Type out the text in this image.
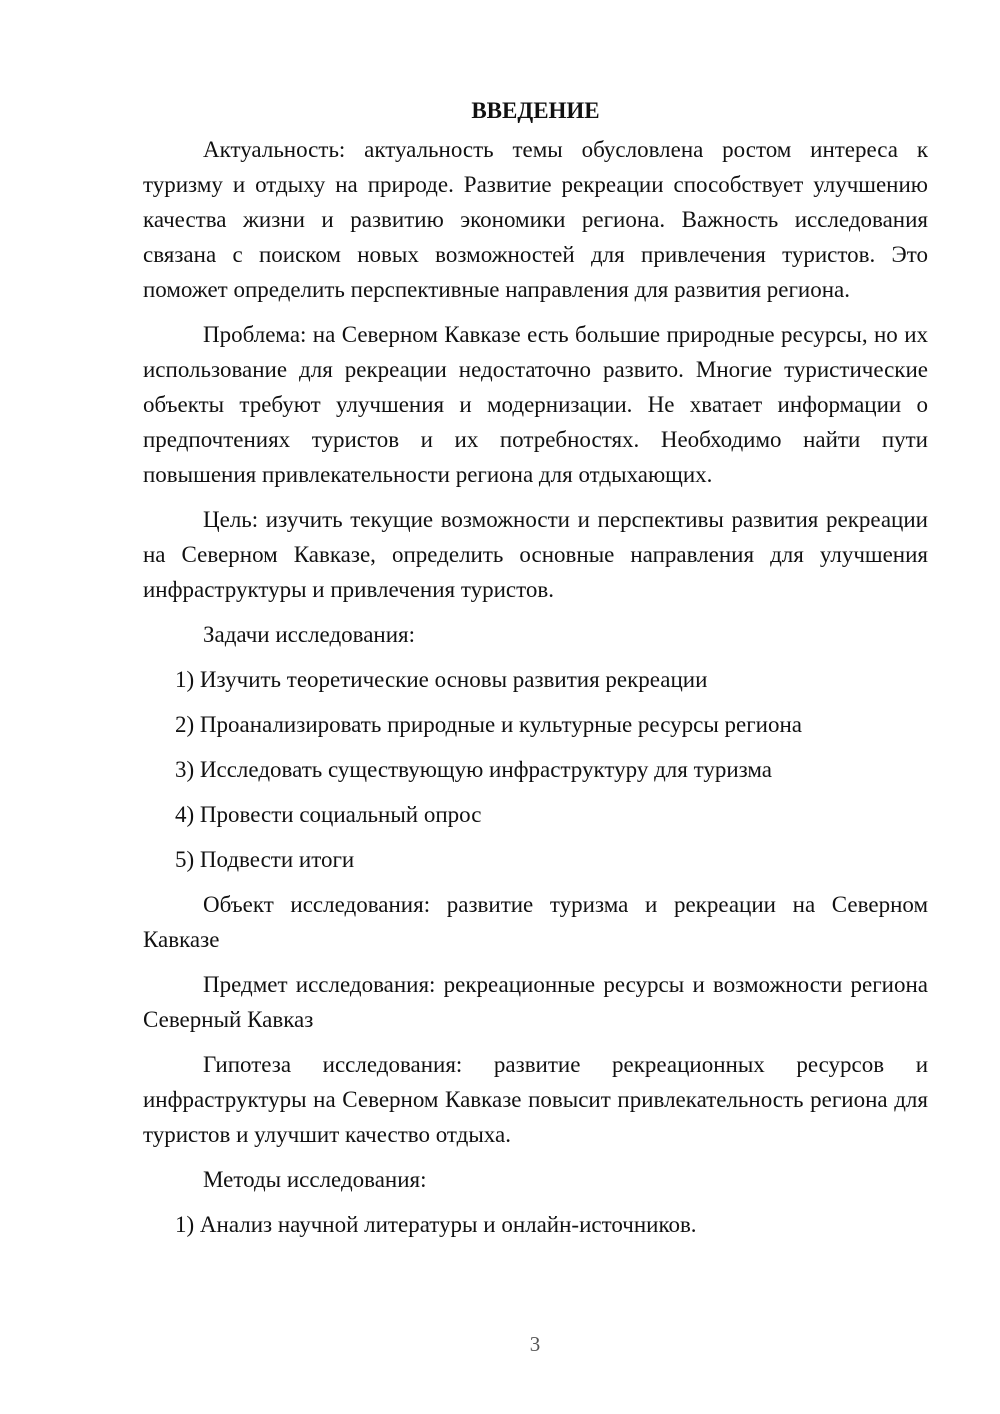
ВВЕДЕНИЕ

Актуальность: актуальность темы обусловлена ростом интереса к туризму и отдыху на природе. Развитие рекреации способствует улучшению качества жизни и развитию экономики региона. Важность исследования связана с поиском новых возможностей для привлечения туристов. Это поможет определить перспективные направления для развития региона.

Проблема: на Северном Кавказе есть большие природные ресурсы, но их использование для рекреации недостаточно развито. Многие туристические объекты требуют улучшения и модернизации. Не хватает информации о предпочтениях туристов и их потребностях. Необходимо найти пути повышения привлекательности региона для отдыхающих.

Цель: изучить текущие возможности и перспективы развития рекреации на Северном Кавказе, определить основные направления для улучшения инфраструктуры и привлечения туристов.

Задачи исследования:

1) Изучить теоретические основы развития рекреации

2) Проанализировать природные и культурные ресурсы региона

3) Исследовать существующую инфраструктуру для туризма

4) Провести социальный опрос

5) Подвести итоги

Объект исследования: развитие туризма и рекреации на Северном Кавказе

Предмет исследования: рекреационные ресурсы и возможности региона Северный Кавказ

Гипотеза исследования: развитие рекреационных ресурсов и инфраструктуры на Северном Кавказе повысит привлекательность региона для туристов и улучшит качество отдыха.

Методы исследования:

1) Анализ научной литературы и онлайн-источников.

3
